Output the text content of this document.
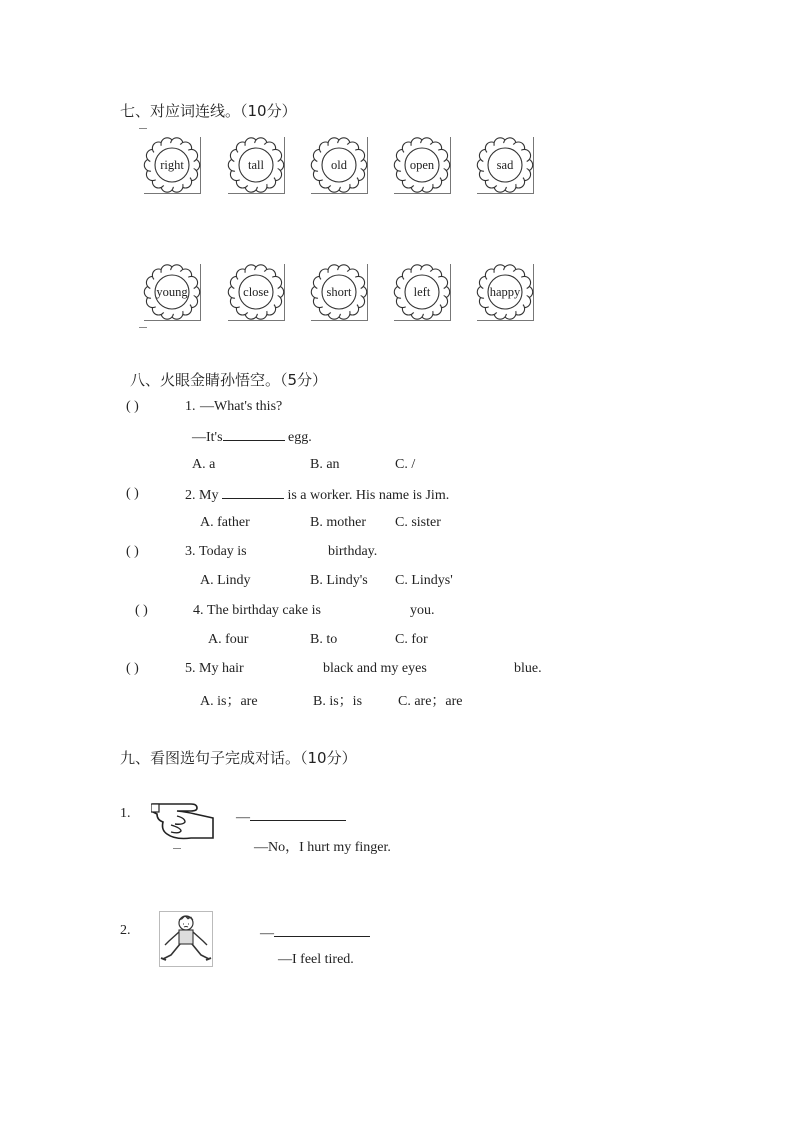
七、对应词连线。（10分）
right	tall	old	open	sad
young	close	short	left	happy
八、火眼金睛孙悟空。（5分）
( )	1. —What's this?
—It's	egg.
A. a	B. an	C. /
( )	2. My	is a worker. His name is Jim.
A. father	B. mother C. sister
( )	3. Today is	birthday.
A. Lindy	B. Lindy's C. Lindys'
( )	4. The birthday cake is	you.
A. four	B. to	C. for
( )	5. My hair	black and my eyes	blue.
A. is；are	B. is；is	C. are；are
九、看图选句子完成对话。（10分）
1.	—
—No，I hurt my finger.
2.	—
—I feel tired.
